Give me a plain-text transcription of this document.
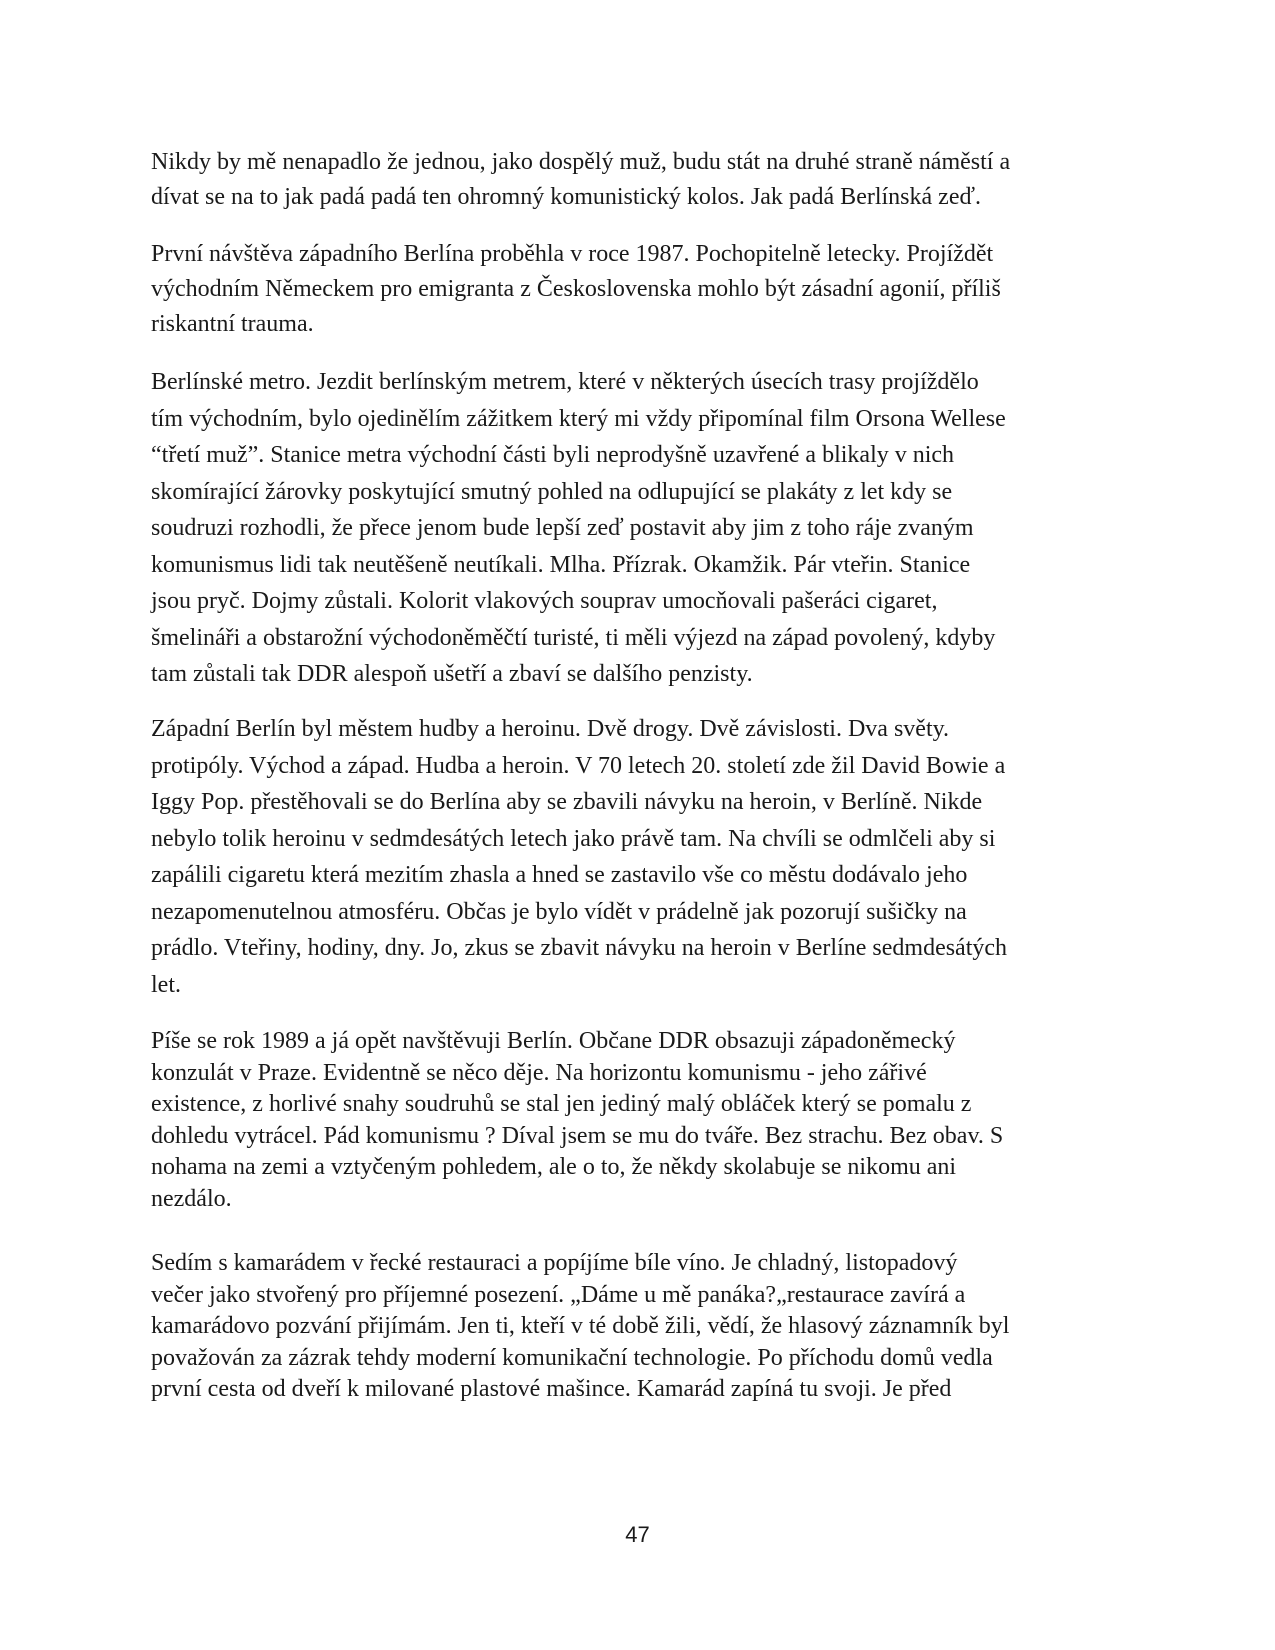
Nikdy by mě nenapadlo že jednou, jako dospělý muž, budu stát na druhé straně náměstí a
dívat se na to jak padá padá ten ohromný komunistický kolos. Jak padá Berlínská zeď.
První návštěva západního Berlína proběhla v roce 1987. Pochopitelně letecky. Projíždět
východním Německem pro emigranta z Československa mohlo být zásadní agonií, příliš
riskantní trauma.
Berlínské metro. Jezdit berlínským metrem, které v některých úsecích trasy projíždělo
tím východním, bylo ojedinělím zážitkem který mi vždy připomínal film Orsona Wellese
“třetí muž”. Stanice metra východní části byli neprodyšně uzavřené a blikaly v nich
skomírající žárovky poskytující smutný pohled na odlupující se plakáty z let kdy se
soudruzi rozhodli, že přece jenom bude lepší zeď postavit aby jim z toho ráje zvaným
komunismus lidi tak neutěšeně neutíkali. Mlha. Přízrak. Okamžik. Pár vteřin. Stanice
jsou pryč. Dojmy zůstali. Kolorit vlakových souprav umocňovali pašeráci cigaret,
šmelináři a obstarožní východoněměčtí turisté, ti měli výjezd na západ povolený, kdyby
tam zůstali tak DDR alespoň ušetří a zbaví se dalšího penzisty.
Západní Berlín byl městem hudby a heroinu. Dvě drogy. Dvě závislosti. Dva světy.
protipóly. Východ a západ. Hudba a heroin. V 70 letech 20. století zde žil David Bowie a
Iggy Pop. přestěhovali se do Berlína aby se zbavili návyku na heroin, v Berlíně. Nikde
nebylo tolik heroinu v sedmdesátých letech jako právě tam. Na chvíli se odmlčeli aby si
zapálili cigaretu která mezitím zhasla a hned se zastavilo vše co městu dodávalo jeho
nezapomenutelnou atmosféru. Občas je bylo vídět v prádelně jak pozorují sušičky na
prádlo. Vteřiny, hodiny, dny. Jo, zkus se zbavit návyku na heroin v Berlíne sedmdesátých
let.
Píše se rok 1989 a já opět navštěvuji Berlín. Občane DDR obsazuji západoněmecký
konzulát v Praze. Evidentně se něco děje. Na horizontu komunismu - jeho zářivé
existence, z horlivé snahy soudruhů se stal jen jediný malý obláček který se pomalu z
dohledu vytrácel. Pád komunismu ? Díval jsem se mu do tváře. Bez strachu. Bez obav. S
nohama na zemi a vztyčeným pohledem, ale o to, že někdy skolabuje se nikomu ani
nezdálo.
Sedím s kamarádem v řecké restauraci a popíjíme bíle víno. Je chladný, listopadový
večer jako stvořený pro příjemné posezení. „Dáme u mě panáka?„restaurace zavírá a
kamarádovo pozvání přijímám. Jen ti, kteří v té době žili, vědí, že hlasový záznamník byl
považován za zázrak tehdy moderní komunikační technologie. Po příchodu domů vedla
první cesta od dveří k milované plastové mašince. Kamarád zapíná tu svoji. Je před
47
